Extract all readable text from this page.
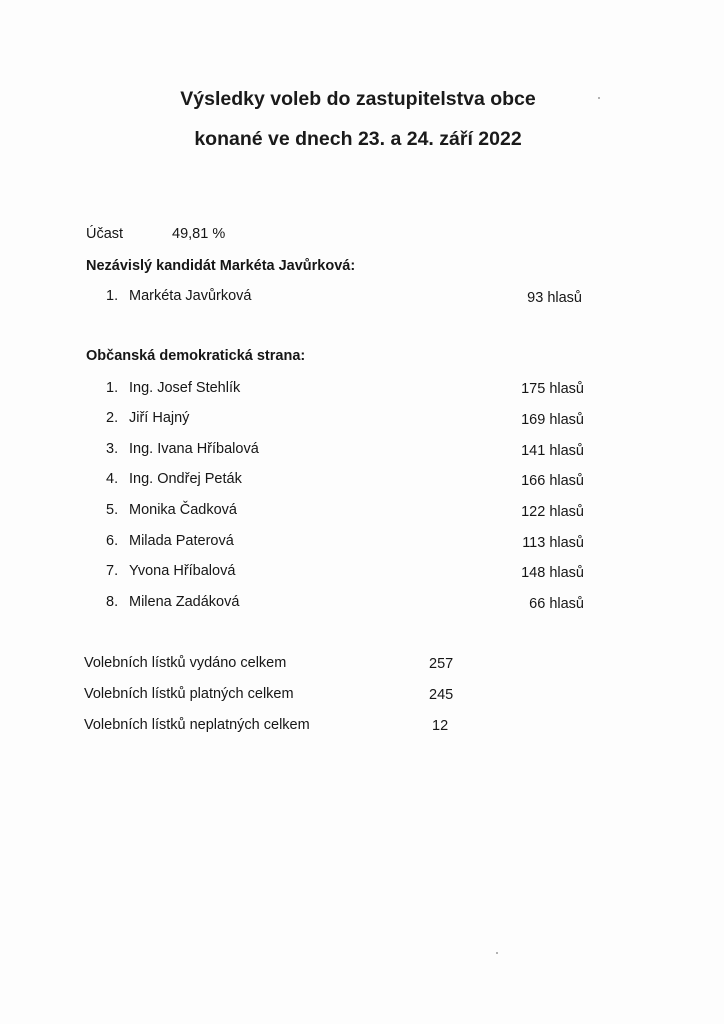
Výsledky voleb do zastupitelstva obce
konané ve dnech 23. a 24. září 2022
Účast	49,81 %
Nezávislý kandidát Markéta Javůrková:
1. Markéta Javůrková	93 hlasů
Občanská demokratická strana:
1. Ing. Josef Stehlík	175 hlasů
2. Jiří Hajný	169 hlasů
3. Ing. Ivana Hříbalová	141 hlasů
4. Ing. Ondřej Peták	166 hlasů
5. Monika Čadková	122 hlasů
6. Milada Paterová	113 hlasů
7. Yvona Hříbalová	148 hlasů
8. Milena Zadáková	66 hlasů
Volebních lístků vydáno celkem	257
Volebních lístků platných celkem	245
Volebních lístků neplatných celkem	12
